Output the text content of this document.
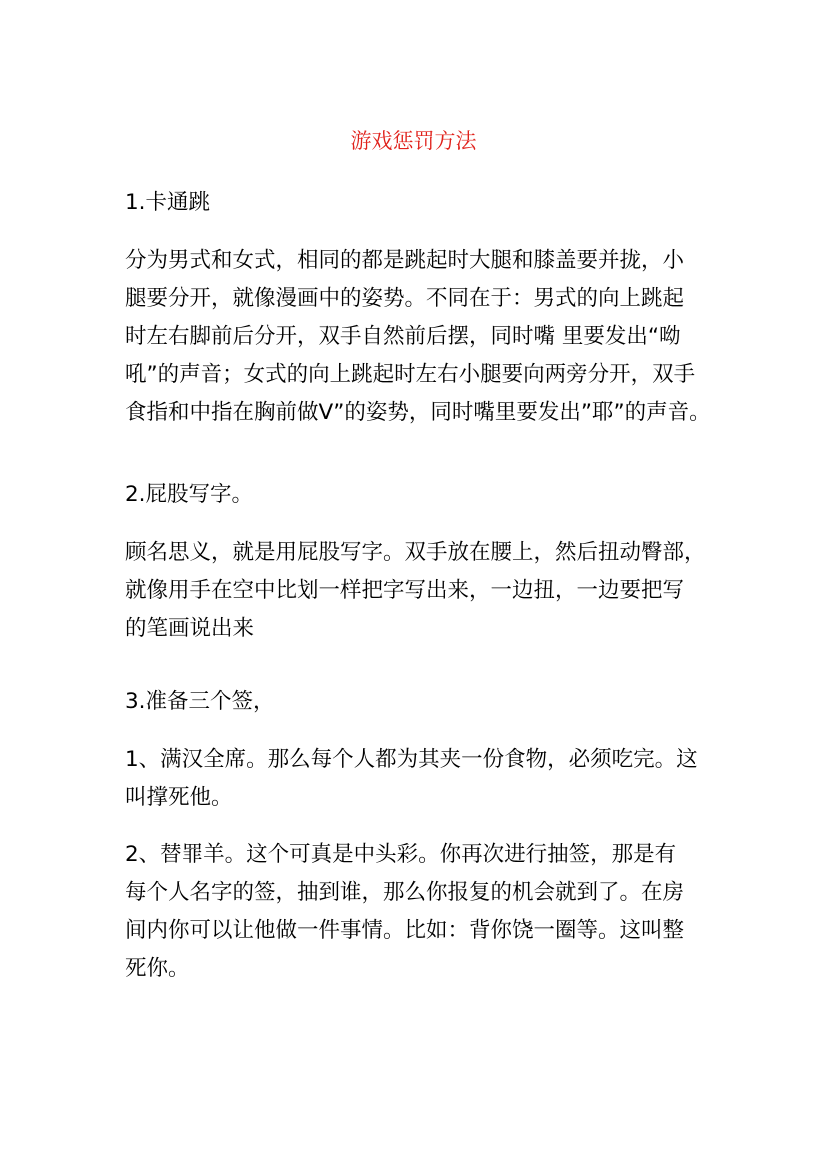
游戏惩罚方法

1.卡通跳

分为男式和女式，相同的都是跳起时大腿和膝盖要并拢，小
腿要分开，就像漫画中的姿势。不同在于：男式的向上跳起
时左右脚前后分开，双手自然前后摆，同时嘴 里要发出“呦
吼”的声音；女式的向上跳起时左右小腿要向两旁分开，双手
食指和中指在胸前做V”的姿势，同时嘴里要发出”耶”的声音。

2.屁股写字。

顾名思义，就是用屁股写字。双手放在腰上，然后扭动臀部，
就像用手在空中比划一样把字写出来，一边扭，一边要把写
的笔画说出来

3.准备三个签，

1、满汉全席。那么每个人都为其夹一份食物，必须吃完。这
叫撑死他。

2、替罪羊。这个可真是中头彩。你再次进行抽签，那是有
每个人名字的签，抽到谁，那么你报复的机会就到了。在房
间内你可以让他做一件事情。比如：背你饶一圈等。这叫整
死你。
